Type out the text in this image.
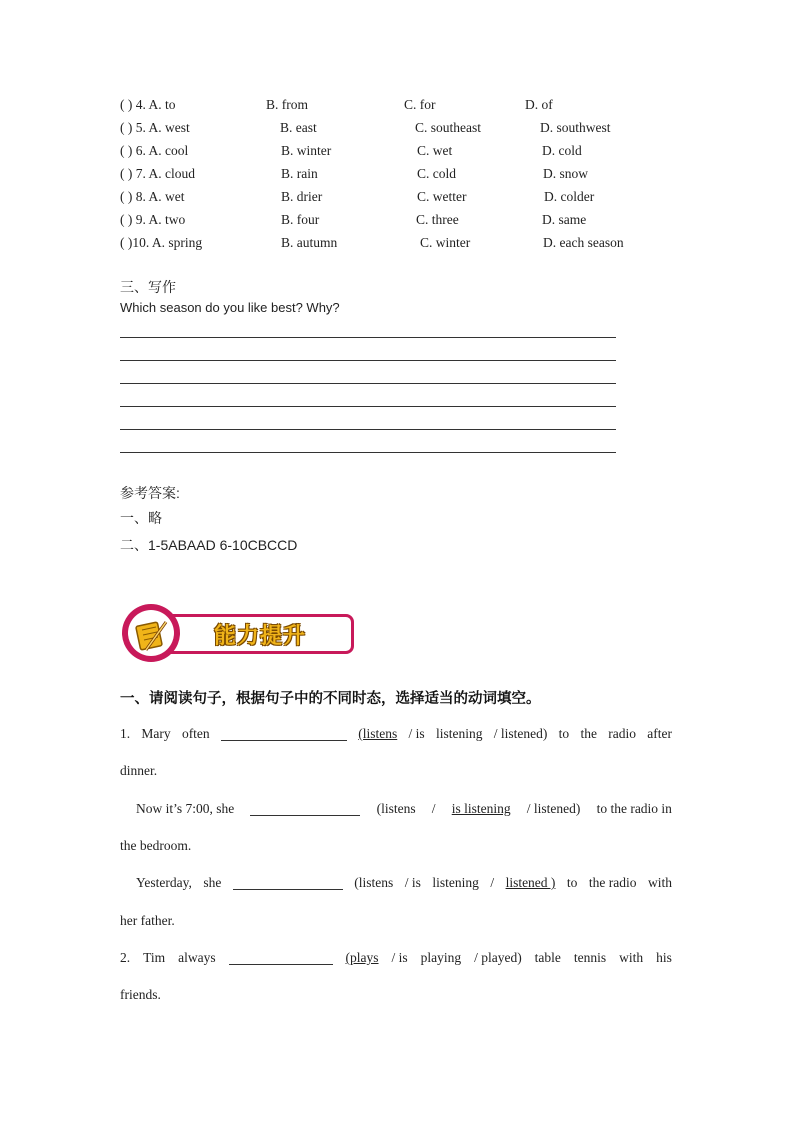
( ) 4. A. to	B. from	C. for	D. of
( ) 5. A. west	B. east	C. southeast	D. southwest
( ) 6. A. cool	B. winter	C. wet	D. cold
( ) 7. A. cloud	B. rain	C. cold	D. snow
( ) 8. A. wet	B. drier	C. wetter	D. colder
( ) 9. A. two	B. four	C. three	D. same
( )10. A. spring	B. autumn	C. winter	D. each season
三、写作
Which season do you like best? Why?
参考答案:
一、略
二、1-5ABAAD 6-10CBCCD
能力提升
一、请阅读句子，根据句子中的不同时态，选择适当的动词填空。
1. Mary often	(listens / is listening / listened) to the radio after
dinner.
Now it’s 7:00, she	(listens / is listening / listened) to the radio in
the bedroom.
Yesterday, she	(listens / is listening / listened ) to the radio with
her father.
2. Tim always	(plays / is playing / played) table tennis with his
friends.
